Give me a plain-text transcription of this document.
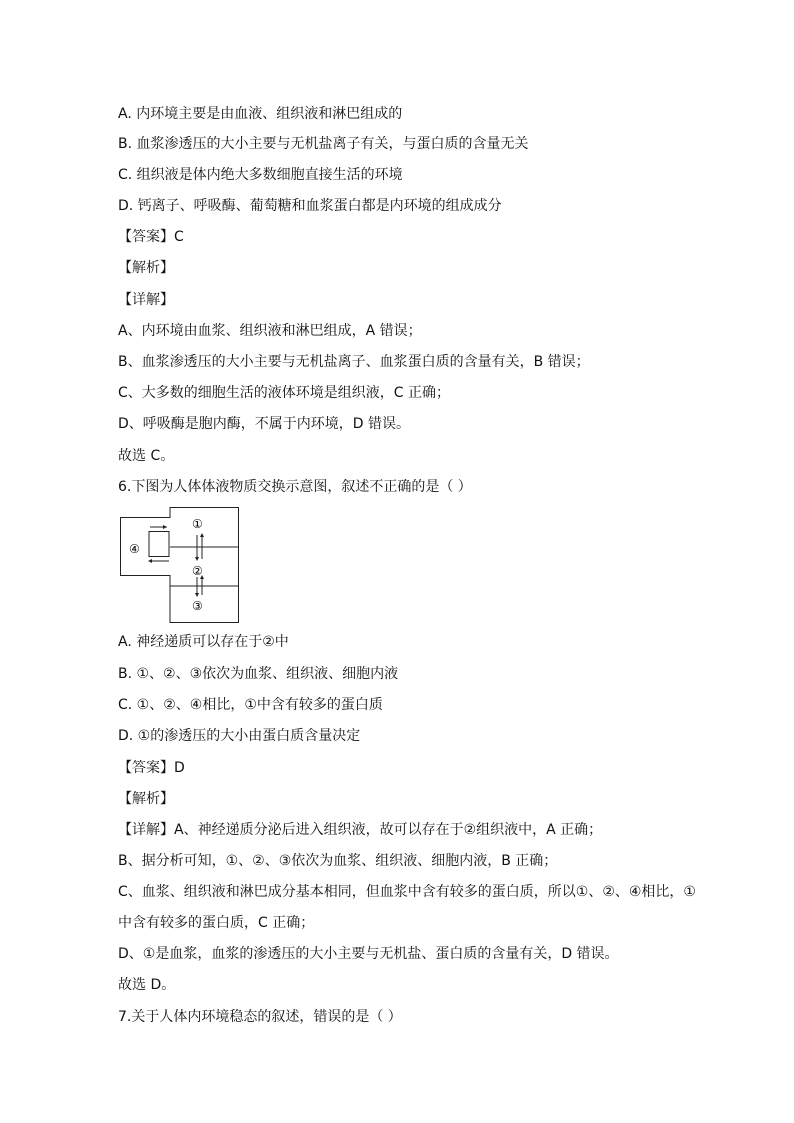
A. 内环境主要是由血液、组织液和淋巴组成的
B. 血浆渗透压的大小主要与无机盐离子有关，与蛋白质的含量无关
C. 组织液是体内绝大多数细胞直接生活的环境
D. 钙离子、呼吸酶、葡萄糖和血浆蛋白都是内环境的组成成分
【答案】C
【解析】
【详解】
A、内环境由血浆、组织液和淋巴组成，A 错误；
B、血浆渗透压的大小主要与无机盐离子、血浆蛋白质的含量有关，B 错误；
C、大多数的细胞生活的液体环境是组织液，C 正确；
D、呼吸酶是胞内酶，不属于内环境，D 错误。
故选 C。
6.下图为人体体液物质交换示意图，叙述不正确的是（ ）
①
②
③
④
A. 神经递质可以存在于②中
B. ①、②、③依次为血浆、组织液、细胞内液
C. ①、②、④相比，①中含有较多的蛋白质
D. ①的渗透压的大小由蛋白质含量决定
【答案】D
【解析】
【详解】A、神经递质分泌后进入组织液，故可以存在于②组织液中，A 正确；
B、据分析可知，①、②、③依次为血浆、组织液、细胞内液，B 正确；
C、血浆、组织液和淋巴成分基本相同，但血浆中含有较多的蛋白质，所以①、②、④相比，①
中含有较多的蛋白质，C 正确；
D、①是血浆，血浆的渗透压的大小主要与无机盐、蛋白质的含量有关，D 错误。
故选 D。
7.关于人体内环境稳态的叙述，错误的是（ ）
